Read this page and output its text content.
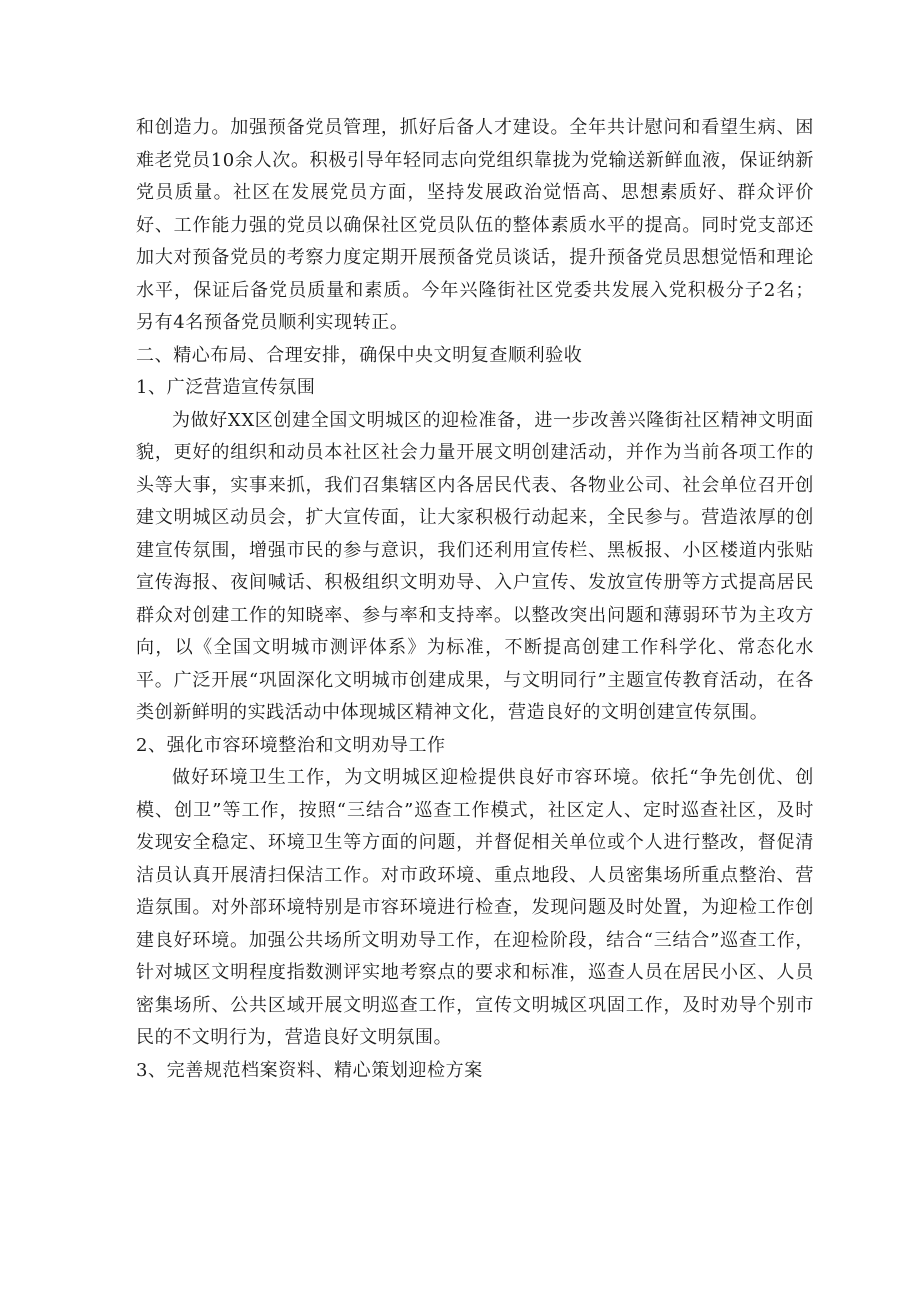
和创造力。加强预备党员管理，抓好后备人才建设。全年共计慰问和看望生病、困难老党员10余人次。积极引导年轻同志向党组织靠拢为党输送新鲜血液，保证纳新党员质量。社区在发展党员方面，坚持发展政治觉悟高、思想素质好、群众评价好、工作能力强的党员以确保社区党员队伍的整体素质水平的提高。同时党支部还加大对预备党员的考察力度定期开展预备党员谈话，提升预备党员思想觉悟和理论水平，保证后备党员质量和素质。今年兴隆街社区党委共发展入党积极分子2名；另有4名预备党员顺利实现转正。

二、精心布局、合理安排，确保中央文明复查顺利验收

1、广泛营造宣传氛围

为做好XX区创建全国文明城区的迎检准备，进一步改善兴隆街社区精神文明面貌，更好的组织和动员本社区社会力量开展文明创建活动，并作为当前各项工作的头等大事，实事来抓，我们召集辖区内各居民代表、各物业公司、社会单位召开创建文明城区动员会，扩大宣传面，让大家积极行动起来，全民参与。营造浓厚的创建宣传氛围，增强市民的参与意识，我们还利用宣传栏、黑板报、小区楼道内张贴宣传海报、夜间喊话、积极组织文明劝导、入户宣传、发放宣传册等方式提高居民群众对创建工作的知晓率、参与率和支持率。以整改突出问题和薄弱环节为主攻方向，以《全国文明城市测评体系》为标准，不断提高创建工作科学化、常态化水平。广泛开展“巩固深化文明城市创建成果，与文明同行”主题宣传教育活动，在各类创新鲜明的实践活动中体现城区精神文化，营造良好的文明创建宣传氛围。

2、强化市容环境整治和文明劝导工作

做好环境卫生工作，为文明城区迎检提供良好市容环境。依托“争先创优、创模、创卫”等工作，按照“三结合”巡查工作模式，社区定人、定时巡查社区，及时发现安全稳定、环境卫生等方面的问题，并督促相关单位或个人进行整改，督促清洁员认真开展清扫保洁工作。对市政环境、重点地段、人员密集场所重点整治、营造氛围。对外部环境特别是市容环境进行检查，发现问题及时处置，为迎检工作创建良好环境。加强公共场所文明劝导工作，在迎检阶段，结合“三结合”巡查工作，针对城区文明程度指数测评实地考察点的要求和标准，巡查人员在居民小区、人员密集场所、公共区域开展文明巡查工作，宣传文明城区巩固工作，及时劝导个别市民的不文明行为，营造良好文明氛围。

3、完善规范档案资料、精心策划迎检方案
